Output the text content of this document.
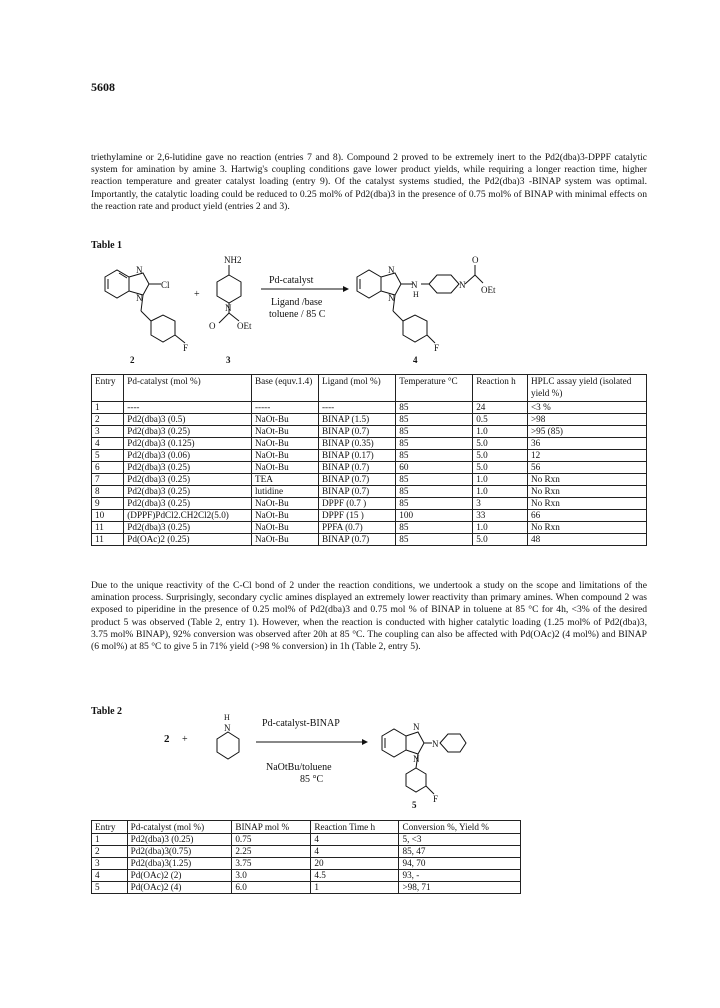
5608
triethylamine or 2,6-lutidine gave no reaction (entries 7 and 8). Compound 2 proved to be extremely inert to the Pd2(dba)3-DPPF catalytic system for amination by amine 3. Hartwig's coupling conditions gave lower product yields, while requiring a longer reaction time, higher reaction temperature and greater catalyst loading (entry 9). Of the catalyst systems studied, the Pd2(dba)3 -BINAP system was optimal. Importantly, the catalytic loading could be reduced to 0.25 mol% of Pd2(dba)3 in the presence of 0.75 mol% of BINAP with minimal effects on the reaction rate and product yield (entries 2 and 3).
Table 1
N
Cl
N
F
2
+
NH2
N
O OEt
3
Pd-catalyst
Ligand /base
toluene / 85 C
N
N
H
N
N
O
OEt
F
4
Entry	Pd-catalyst (mol %)	Base (equv.1.4)	Ligand (mol %)	Temperature °C	Reaction h	HPLC assay yield (isolated yield %)
1	----	-----	----	85	24	<3 %
2	Pd2(dba)3 (0.5)	NaOt-Bu	BINAP (1.5)	85	0.5	>98
3	Pd2(dba)3 (0.25)	NaOt-Bu	BINAP (0.7)	85	1.0	>95 (85)
4	Pd2(dba)3 (0.125)	NaOt-Bu	BINAP (0.35)	85	5.0	36
5	Pd2(dba)3 (0.06)	NaOt-Bu	BINAP (0.17)	85	5.0	12
6	Pd2(dba)3 (0.25)	NaOt-Bu	BINAP (0.7)	60	5.0	56
7	Pd2(dba)3 (0.25)	TEA	BINAP (0.7)	85	1.0	No Rxn
8	Pd2(dba)3 (0.25)	lutidine	BINAP (0.7)	85	1.0	No Rxn
9	Pd2(dba)3 (0.25)	NaOt-Bu	DPPF (0.7 )	85	3	No Rxn
10	(DPPF)PdCl2.CH2Cl2(5.0)	NaOt-Bu	DPPF (15 )	100	33	66
11	Pd2(dba)3 (0.25)	NaOt-Bu	PPFA (0.7)	85	1.0	No Rxn
11	Pd(OAc)2 (0.25)	NaOt-Bu	BINAP (0.7)	85	5.0	48
Due to the unique reactivity of the C-Cl bond of 2 under the reaction conditions, we undertook a study on the scope and limitations of the amination process. Surprisingly, secondary cyclic amines displayed an extremely lower reactivity than primary amines. When compound 2 was exposed to piperidine in the presence of 0.25 mol% of Pd2(dba)3 and 0.75 mol % of BINAP in toluene at 85 °C for 4h, <3% of the desired product 5 was observed (Table 2, entry 1). However, when the reaction is conducted with higher catalytic loading (1.25 mol% of Pd2(dba)3, 3.75 mol% BINAP), 92% conversion was observed after 20h at 85 °C. The coupling can also be affected with Pd(OAc)2 (4 mol%) and BINAP (6 mol%) at 85 °C to give 5 in 71% yield (>98 % conversion) in 1h (Table 2, entry 5).
Table 2
2 +
H
N	Pd-catalyst-BINAP
NaOtBu/toluene
85 °C
N
N
N
F
5
Entry	Pd-catalyst (mol %)	BINAP mol %	Reaction Time h	Conversion %, Yield %
1	Pd2(dba)3 (0.25)	0.75	4	5, <3
2	Pd2(dba)3(0.75)	2.25	4	85, 47
3	Pd2(dba)3(1.25)	3.75	20	94, 70
4	Pd(OAc)2 (2)	3.0	4.5	93, -
5	Pd(OAc)2 (4)	6.0	1	>98, 71
